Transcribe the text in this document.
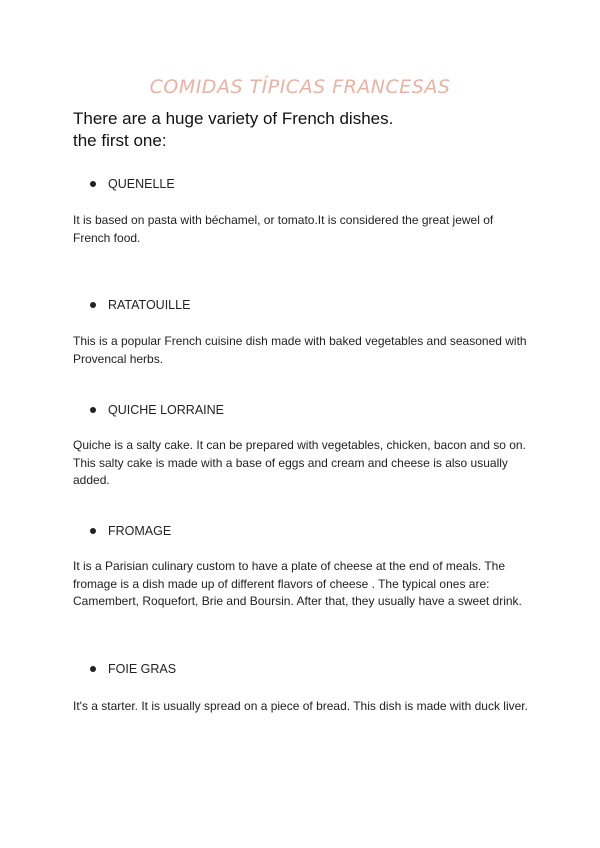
COMIDAS TÍPICAS FRANCESAS
There are a huge variety of French dishes.
the first one:
QUENELLE
It is based on pasta with béchamel, or tomato.It is considered the great jewel of French food.
RATATOUILLE
This is a popular French cuisine dish made with baked vegetables and seasoned with Provencal herbs.
QUICHE LORRAINE
Quiche is a salty cake. It can be prepared with vegetables, chicken, bacon and so on. This salty cake is made with a base of eggs and cream and cheese is also usually added.
FROMAGE
It is a Parisian culinary custom to have a plate of cheese at the end of meals. The fromage is a dish made up of different flavors of cheese . The typical ones are: Camembert, Roquefort, Brie and Boursin. After that, they usually have a sweet drink.
FOIE GRAS
It's a starter. It is usually spread on a piece of bread. This dish is made with duck liver.
